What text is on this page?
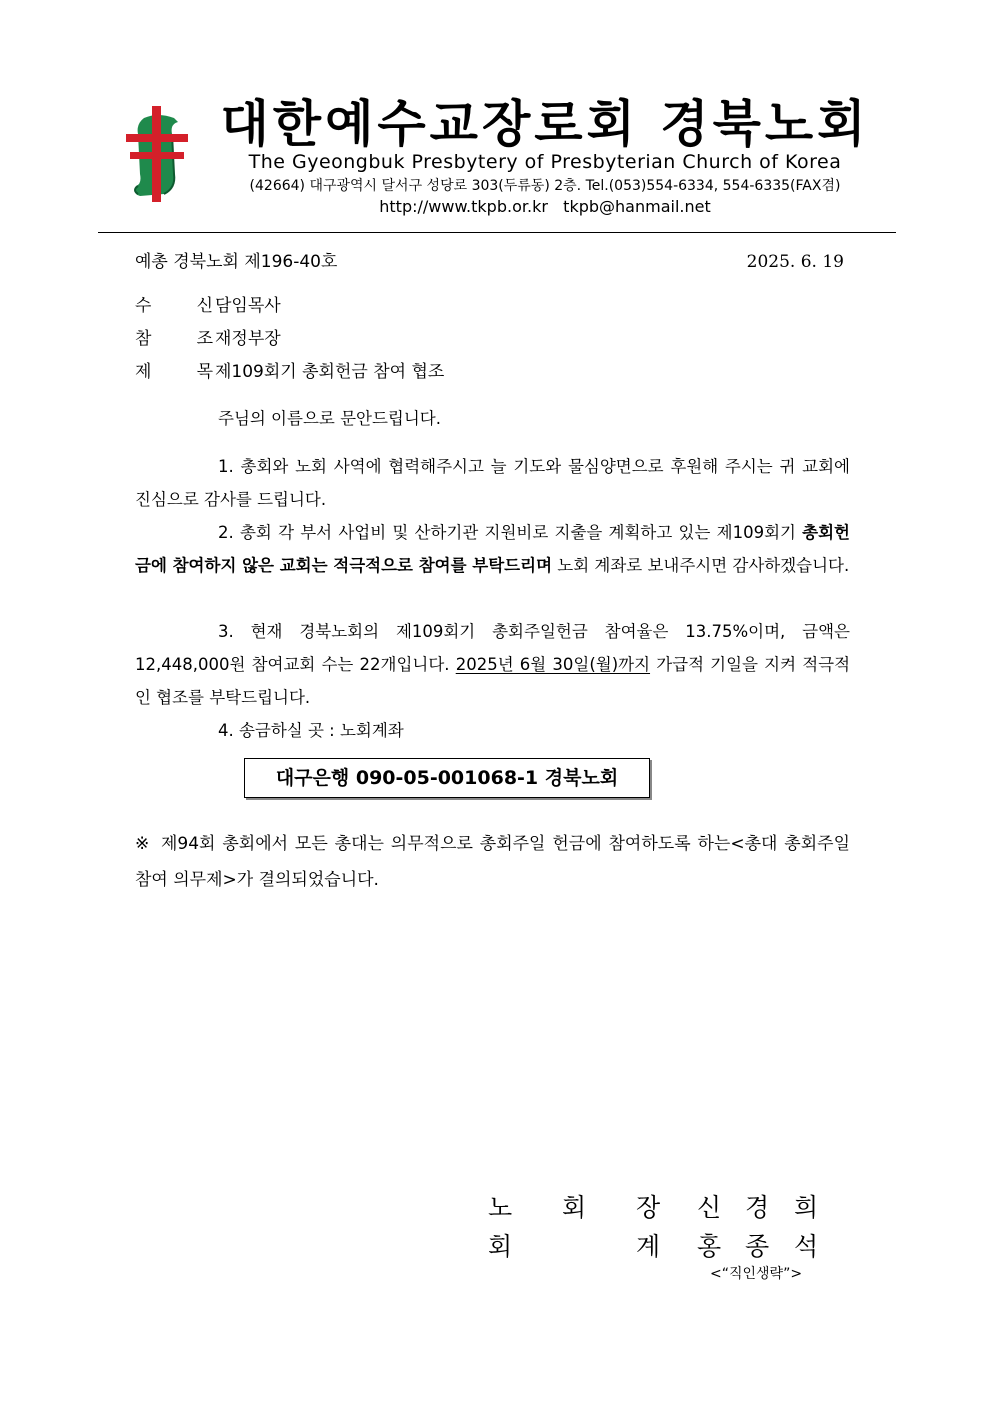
대한예수교장로회 경북노회
The Gyeongbuk Presbytery of Presbyterian Church of Korea
(42664) 대구광역시 달서구 성당로 303(두류동) 2층. Tel.(053)554-6334, 554-6335(FAX겸)
http://www.tkpb.or.kr tkpb@hanmail.net
예총 경북노회 제196-40호	2025. 6. 19
수 신 담임목사
참 조 재정부장
제 목 제109회기 총회헌금 참여 협조
주님의 이름으로 문안드립니다.
1. 총회와 노회 사역에 협력해주시고 늘 기도와 물심양면으로 후원해 주시는 귀 교회에 진심으로 감사를 드립니다.
2. 총회 각 부서 사업비 및 산하기관 지원비로 지출을 계획하고 있는 제109회기 총회헌금에 참여하지 않은 교회는 적극적으로 참여를 부탁드리며 노회 계좌로 보내주시면 감사하겠습니다.
3. 현재 경북노회의 제109회기 총회주일헌금 참여율은 13.75%이며, 금액은 12,448,000원 참여교회 수는 22개입니다. 2025년 6월 30일(월)까지 가급적 기일을 지켜 적극적인 협조를 부탁드립니다.
4. 송금하실 곳 : 노회계좌
대구은행 090-05-001068-1 경북노회
※ 제94회 총회에서 모든 총대는 의무적으로 총회주일 헌금에 참여하도록 하는<총대 총회주일 참여 의무제>가 결의되었습니다.
노 회 장 신 경 희
회	계 홍 종 석
<“직인생략”>
